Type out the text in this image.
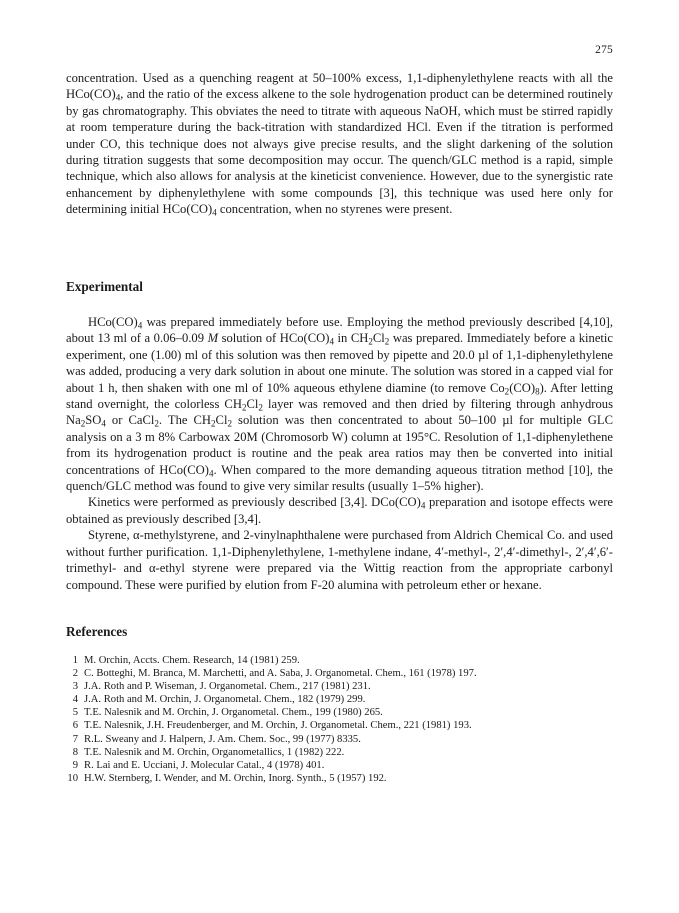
275

concentration. Used as a quenching reagent at 50–100% excess, 1,1-diphenylethylene reacts with all the $HCo(CO)_4$, and the ratio of the excess alkene to the sole hydrogenation product can be determined routinely by gas chromatography. This obviates the need to titrate with aqueous NaOH, which must be stirred rapidly at room temperature during the back-titration with standardized HCl. Even if the titration is performed under CO, this technique does not always give precise results, and the slight darkening of the solution during titration suggests that some decomposition may occur. The quench/GLC method is a rapid, simple technique, which also allows for analysis at the kineticist convenience. However, due to the synergistic rate enhancement by diphenylethylene with some compounds [3], this technique was used here only for determining initial $HCo(CO)_4$ concentration, when no styrenes were present.

Experimental

$HCo(CO)_4$ was prepared immediately before use. Employing the method previously described [4,10], about 13 ml of a 0.06–0.09 M solution of $HCo(CO)_4$ in $CH_2Cl_2$ was prepared. Immediately before a kinetic experiment, one (1.00) ml of this solution was then removed by pipette and 20.0 µl of 1,1-diphenylethylene was added, producing a very dark solution in about one minute. The solution was stored in a capped vial for about 1 h, then shaken with one ml of 10% aqueous ethylene diamine (to remove $Co_2(CO)_8$). After letting stand overnight, the colorless $CH_2Cl_2$ layer was removed and then dried by filtering through anhydrous $Na_2SO_4$ or CaCl$_2$. The $CH_2Cl_2$ solution was then concentrated to about 50–100 µl for multiple GLC analysis on a 3 m 8% Carbowax 20M (Chromosorb W) column at 195°C. Resolution of 1,1-diphenylethene from its hydrogenation product is routine and the peak area ratios may then be converted into initial concentrations of $HCo(CO)_4$. When compared to the more demanding aqueous titration method [10], the quench/GLC method was found to give very similar results (usually 1–5% higher).

Kinetics were performed as previously described [3,4]. $DCo(CO)_4$ preparation and isotope effects were obtained as previously described [3,4].

Styrene, α-methylstyrene, and 2-vinylnaphthalene were purchased from Aldrich Chemical Co. and used without further purification. 1,1-Diphenylethylene, 1-methylene indane, 4′-methyl-, 2′,4′-dimethyl-, 2′,4′,6′-trimethyl- and α-ethyl styrene were prepared via the Wittig reaction from the appropriate carbonyl compound. These were purified by elution from F-20 alumina with petroleum ether or hexane.

References
1 M. Orchin, Accts. Chem. Research, 14 (1981) 259.
2 C. Botteghi, M. Branca, M. Marchetti, and A. Saba, J. Organometal. Chem., 161 (1978) 197.
3 J.A. Roth and P. Wiseman, J. Organometal. Chem., 217 (1981) 231.
4 J.A. Roth and M. Orchin, J. Organometal. Chem., 182 (1979) 299.
5 T.E. Nalesnik and M. Orchin, J. Organometal. Chem., 199 (1980) 265.
6 T.E. Nalesnik, J.H. Freudenberger, and M. Orchin, J. Organometal. Chem., 221 (1981) 193.
7 R.L. Sweany and J. Halpern, J. Am. Chem. Soc., 99 (1977) 8335.
8 T.E. Nalesnik and M. Orchin, Organometallics, 1 (1982) 222.
9 R. Lai and E. Ucciani, J. Molecular Catal., 4 (1978) 401.
10 H.W. Sternberg, I. Wender, and M. Orchin, Inorg. Synth., 5 (1957) 192.
